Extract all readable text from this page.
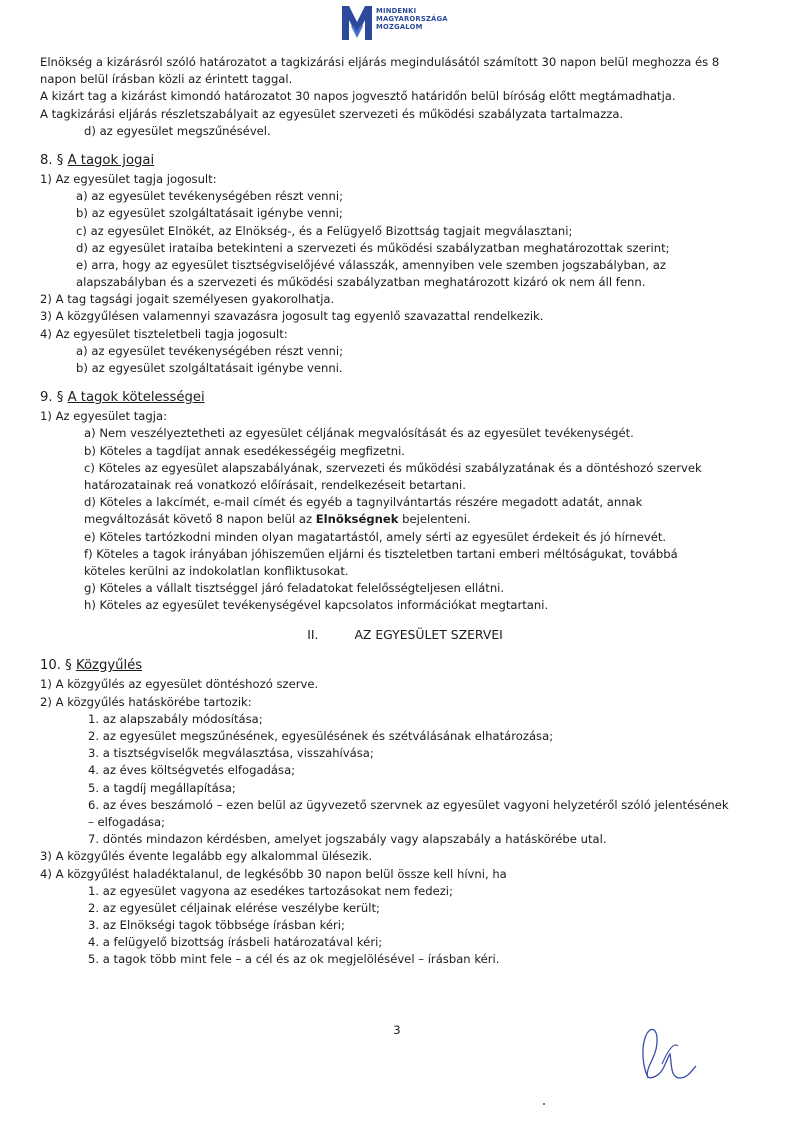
MINDENKI
MAGYARORSZÁGA
MOZGALOM
Elnökség a kizárásról szóló határozatot a tagkizárási eljárás megindulásától számított 30 napon belül meghozza és 8
napon belül írásban közli az érintett taggal.
A kizárt tag a kizárást kimondó határozatot 30 napos jogvesztő határidőn belül bíróság előtt megtámadhatja.
A tagkizárási eljárás részletszabályait az egyesület szervezeti és működési szabályzata tartalmazza.
d) az egyesület megszűnésével.
8. § A tagok jogai
1) Az egyesület tagja jogosult:
a) az egyesület tevékenységében részt venni;
b) az egyesület szolgáltatásait igénybe venni;
c) az egyesület Elnökét, az Elnökség-, és a Felügyelő Bizottság tagjait megválasztani;
d) az egyesület irataiba betekinteni a szervezeti és működési szabályzatban meghatározottak szerint;
e) arra, hogy az egyesület tisztségviselőjévé válasszák, amennyiben vele szemben jogszabályban, az
alapszabályban és a szervezeti és működési szabályzatban meghatározott kizáró ok nem áll fenn.
2) A tag tagsági jogait személyesen gyakorolhatja.
3) A közgyűlésen valamennyi szavazásra jogosult tag egyenlő szavazattal rendelkezik.
4) Az egyesület tiszteletbeli tagja jogosult:
a) az egyesület tevékenységében részt venni;
b) az egyesület szolgáltatásait igénybe venni.
9. § A tagok kötelességei
1) Az egyesület tagja:
a) Nem veszélyeztetheti az egyesület céljának megvalósítását és az egyesület tevékenységét.
b) Köteles a tagdíjat annak esedékességéig megfizetni.
c) Köteles az egyesület alapszabályának, szervezeti és működési szabályzatának és a döntéshozó szervek
határozatainak reá vonatkozó előírásait, rendelkezéseit betartani.
d) Köteles a lakcímét, e-mail címét és egyéb a tagnyilvántartás részére megadott adatát, annak
megváltozását követő 8 napon belül az Elnökségnek bejelenteni.
e) Köteles tartózkodni minden olyan magatartástól, amely sérti az egyesület érdekeit és jó hírnevét.
f) Köteles a tagok irányában jóhiszeműen eljárni és tiszteletben tartani emberi méltóságukat, továbbá
köteles kerülni az indokolatlan konfliktusokat.
g) Köteles a vállalt tisztséggel járó feladatokat felelősségteljesen ellátni.
h) Köteles az egyesület tevékenységével kapcsolatos információkat megtartani.
II.	AZ EGYESÜLET SZERVEI
10. § Közgyűlés
1) A közgyűlés az egyesület döntéshozó szerve.
2) A közgyűlés hatáskörébe tartozik:
1. az alapszabály módosítása;
2. az egyesület megszűnésének, egyesülésének és szétválásának elhatározása;
3. a tisztségviselők megválasztása, visszahívása;
4. az éves költségvetés elfogadása;
5. a tagdíj megállapítása;
6. az éves beszámoló – ezen belül az ügyvezető szervnek az egyesület vagyoni helyzetéről szóló jelentésének
– elfogadása;
7. döntés mindazon kérdésben, amelyet jogszabály vagy alapszabály a hatáskörébe utal.
3) A közgyűlés évente legalább egy alkalommal ülésezik.
4) A közgyűlést haladéktalanul, de legkésőbb 30 napon belül össze kell hívni, ha
1. az egyesület vagyona az esedékes tartozásokat nem fedezi;
2. az egyesület céljainak elérése veszélybe került;
3. az Elnökségi tagok többsége írásban kéri;
4. a felügyelő bizottság írásbeli határozatával kéri;
5. a tagok több mint fele – a cél és az ok megjelölésével – írásban kéri.
3
